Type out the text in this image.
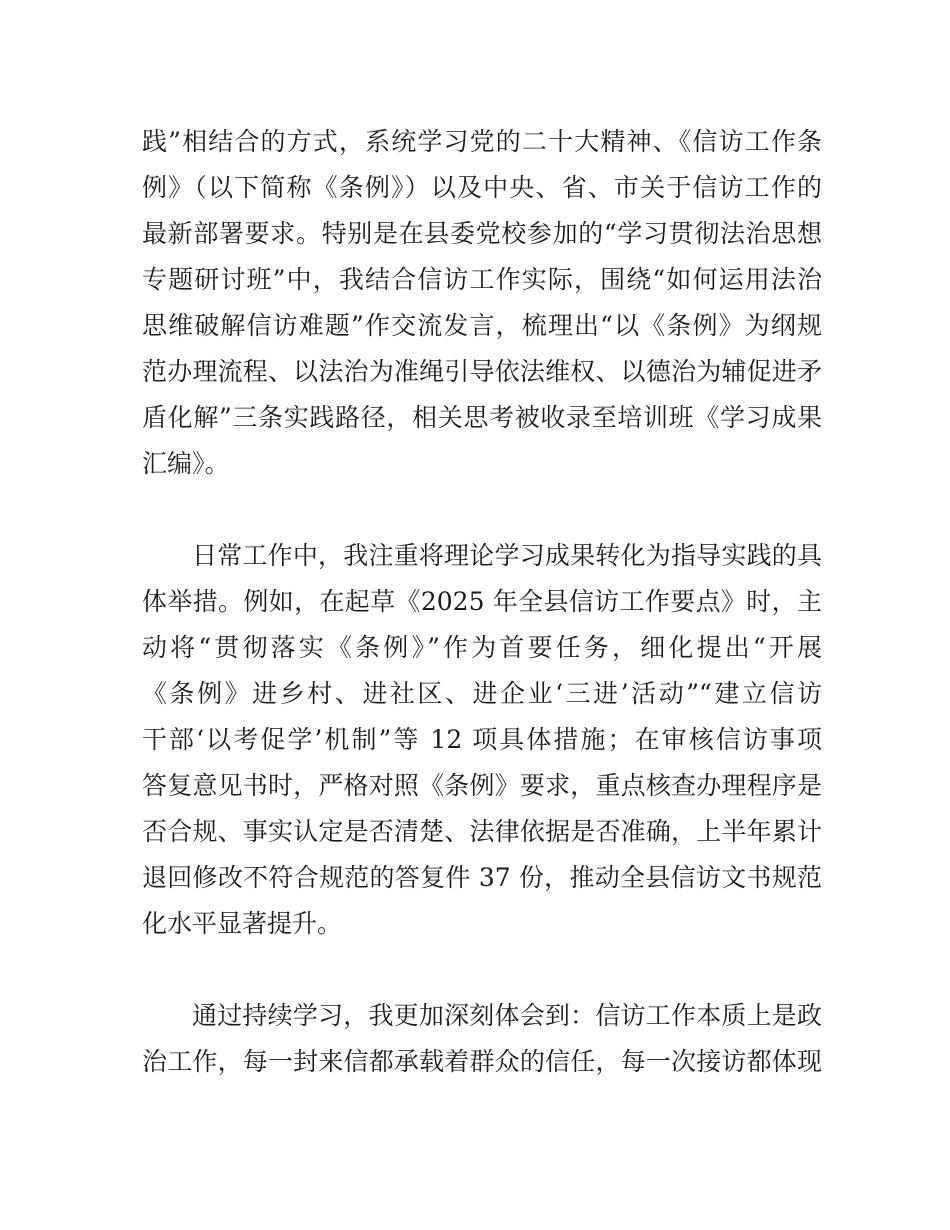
践”相结合的方式，系统学习党的二十大精神、《信访工作条
例》（以下简称《条例》）以及中央、省、市关于信访工作的
最新部署要求。特别是在县委党校参加的“学习贯彻法治思想
专题研讨班”中，我结合信访工作实际，围绕“如何运用法治
思维破解信访难题”作交流发言，梳理出“以《条例》为纲规
范办理流程、以法治为准绳引导依法维权、以德治为辅促进矛
盾化解”三条实践路径，相关思考被收录至培训班《学习成果
汇编》。
日常工作中，我注重将理论学习成果转化为指导实践的具
体举措。例如，在起草《2025 年全县信访工作要点》时，主
动将“贯彻落实《条例》”作为首要任务，细化提出“开展
《条例》进乡村、进社区、进企业‘三进’活动”“建立信访
干部‘以考促学’机制”等 12 项具体措施；在审核信访事项
答复意见书时，严格对照《条例》要求，重点核查办理程序是
否合规、事实认定是否清楚、法律依据是否准确，上半年累计
退回修改不符合规范的答复件 37 份，推动全县信访文书规范
化水平显著提升。
通过持续学习，我更加深刻体会到：信访工作本质上是政
治工作，每一封来信都承载着群众的信任，每一次接访都体现
